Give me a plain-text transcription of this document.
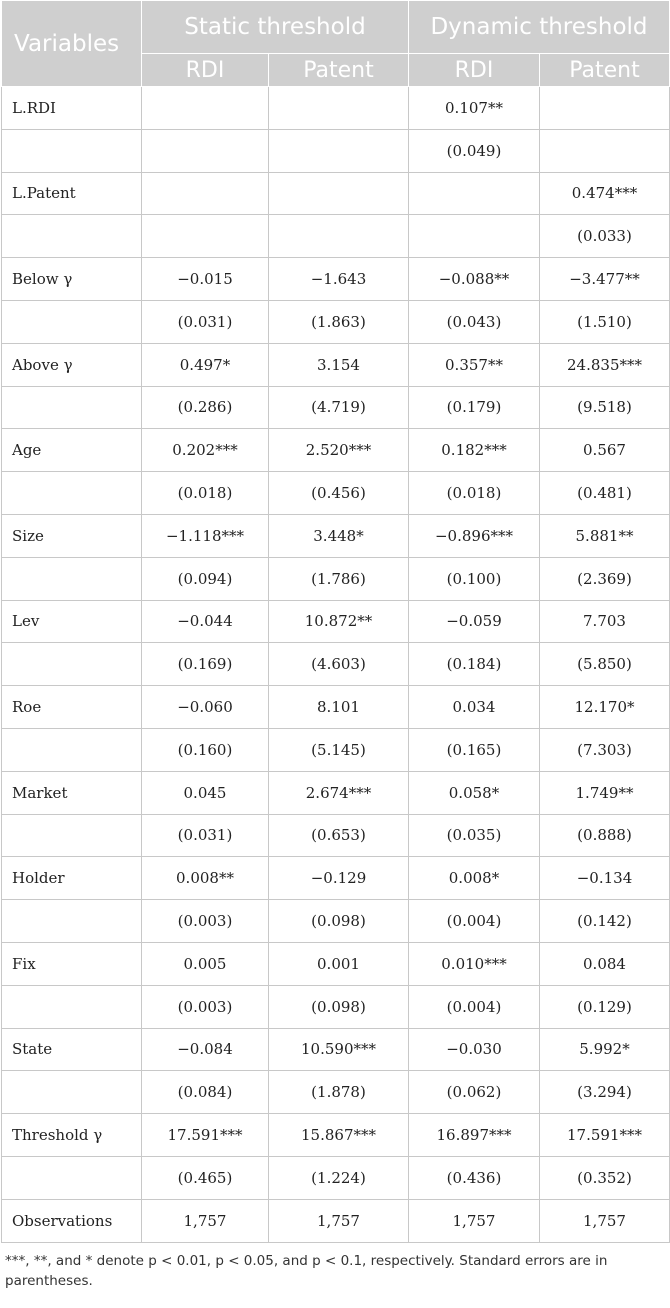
Variables	Static threshold		Dynamic threshold	
	RDI	Patent	RDI	Patent
L.RDI			0.107**	
			(0.049)	
L.Patent				0.474***
				(0.033)
Below γ	−0.015	−1.643	−0.088**	−3.477**
	(0.031)	(1.863)	(0.043)	(1.510)
Above γ	0.497*	3.154	0.357**	24.835***
	(0.286)	(4.719)	(0.179)	(9.518)
Age	0.202***	2.520***	0.182***	0.567
	(0.018)	(0.456)	(0.018)	(0.481)
Size	−1.118***	3.448*	−0.896***	5.881**
	(0.094)	(1.786)	(0.100)	(2.369)
Lev	−0.044	10.872**	−0.059	7.703
	(0.169)	(4.603)	(0.184)	(5.850)
Roe	−0.060	8.101	0.034	12.170*
	(0.160)	(5.145)	(0.165)	(7.303)
Market	0.045	2.674***	0.058*	1.749**
	(0.031)	(0.653)	(0.035)	(0.888)
Holder	0.008**	−0.129	0.008*	−0.134
	(0.003)	(0.098)	(0.004)	(0.142)
Fix	0.005	0.001	0.010***	0.084
	(0.003)	(0.098)	(0.004)	(0.129)
State	−0.084	10.590***	−0.030	5.992*
	(0.084)	(1.878)	(0.062)	(3.294)
Threshold γ	17.591***	15.867***	16.897***	17.591***
	(0.465)	(1.224)	(0.436)	(0.352)
Observations	1,757	1,757	1,757	1,757
***, **, and * denote p < 0.01, p < 0.05, and p < 0.1, respectively. Standard errors are in parentheses.
